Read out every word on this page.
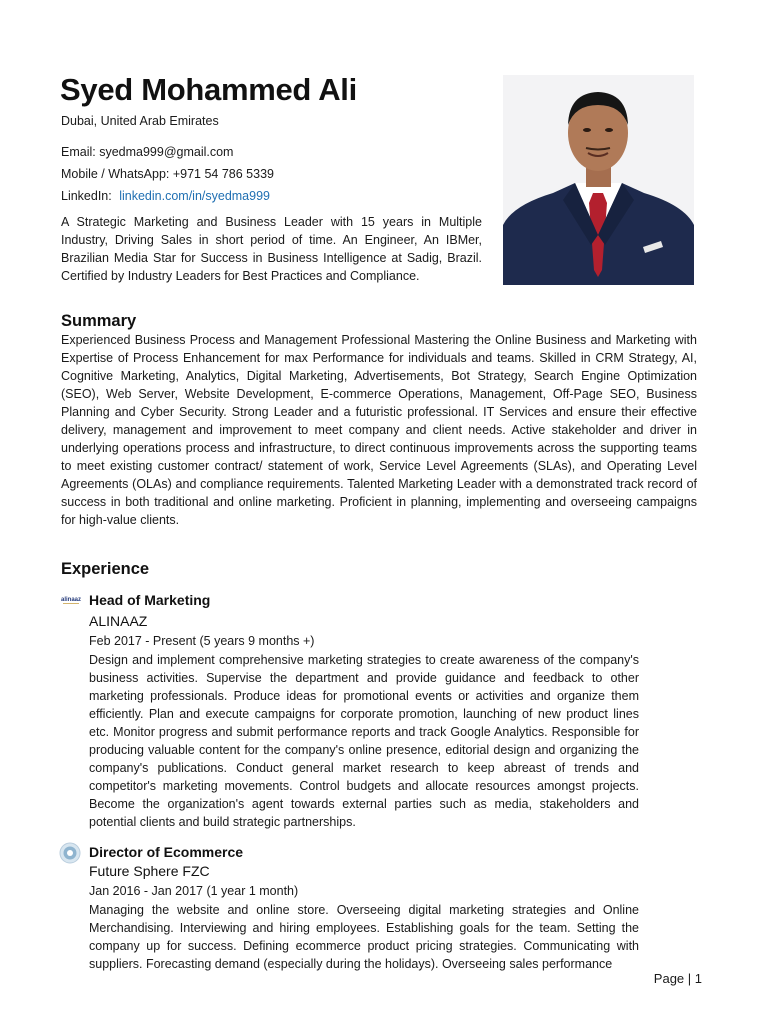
Syed Mohammed Ali
Dubai, United Arab Emirates
Email: syedma999@gmail.com
Mobile / WhatsApp: +971 54 786 5339
LinkedIn: linkedin.com/in/syedma999

A Strategic Marketing and Business Leader with 15 years in Multiple Industry, Driving Sales in short period of time. An Engineer, An IBMer, Brazilian Media Star for Success in Business Intelligence at Sadig, Brazil. Certified by Industry Leaders for Best Practices and Compliance.

Summary

Experienced Business Process and Management Professional Mastering the Online Business and Marketing with Expertise of Process Enhancement for max Performance for individuals and teams. Skilled in CRM Strategy, AI, Cognitive Marketing, Analytics, Digital Marketing, Advertisements, Bot Strategy, Search Engine Optimization (SEO), Web Server, Website Development, E-commerce Operations, Management, Off-Page SEO, Business Planning and Cyber Security. Strong Leader and a futuristic professional. IT Services and ensure their effective delivery, management and improvement to meet company and client needs. Active stakeholder and driver in underlying operations process and infrastructure, to direct continuous improvements across the supporting teams to meet existing customer contract/ statement of work, Service Level Agreements (SLAs), and Operating Level Agreements (OLAs) and compliance requirements. Talented Marketing Leader with a demonstrated track record of success in both traditional and online marketing. Proficient in planning, implementing and overseeing campaigns for high-value clients.

Experience
alinaaz Head of Marketing
ALINAAZ
Feb 2017 - Present (5 years 9 months +)

Design and implement comprehensive marketing strategies to create awareness of the company's business activities. Supervise the department and provide guidance and feedback to other marketing professionals. Produce ideas for promotional events or activities and organize them efficiently. Plan and execute campaigns for corporate promotion, launching of new product lines etc. Monitor progress and submit performance reports and track Google Analytics. Responsible for producing valuable content for the company's online presence, editorial design and organizing the company's publications. Conduct general market research to keep abreast of trends and competitor's marketing movements. Control budgets and allocate resources amongst projects. Become the organization's agent towards external parties such as media, stakeholders and potential clients and build strategic partnerships.

Director of Ecommerce
Future Sphere FZC
Jan 2016 - Jan 2017 (1 year 1 month)

Managing the website and online store. Overseeing digital marketing strategies and Online Merchandising. Interviewing and hiring employees. Establishing goals for the team. Setting the company up for success. Defining ecommerce product pricing strategies. Communicating with suppliers. Forecasting demand (especially during the holidays). Overseeing sales performance

Page | 1
